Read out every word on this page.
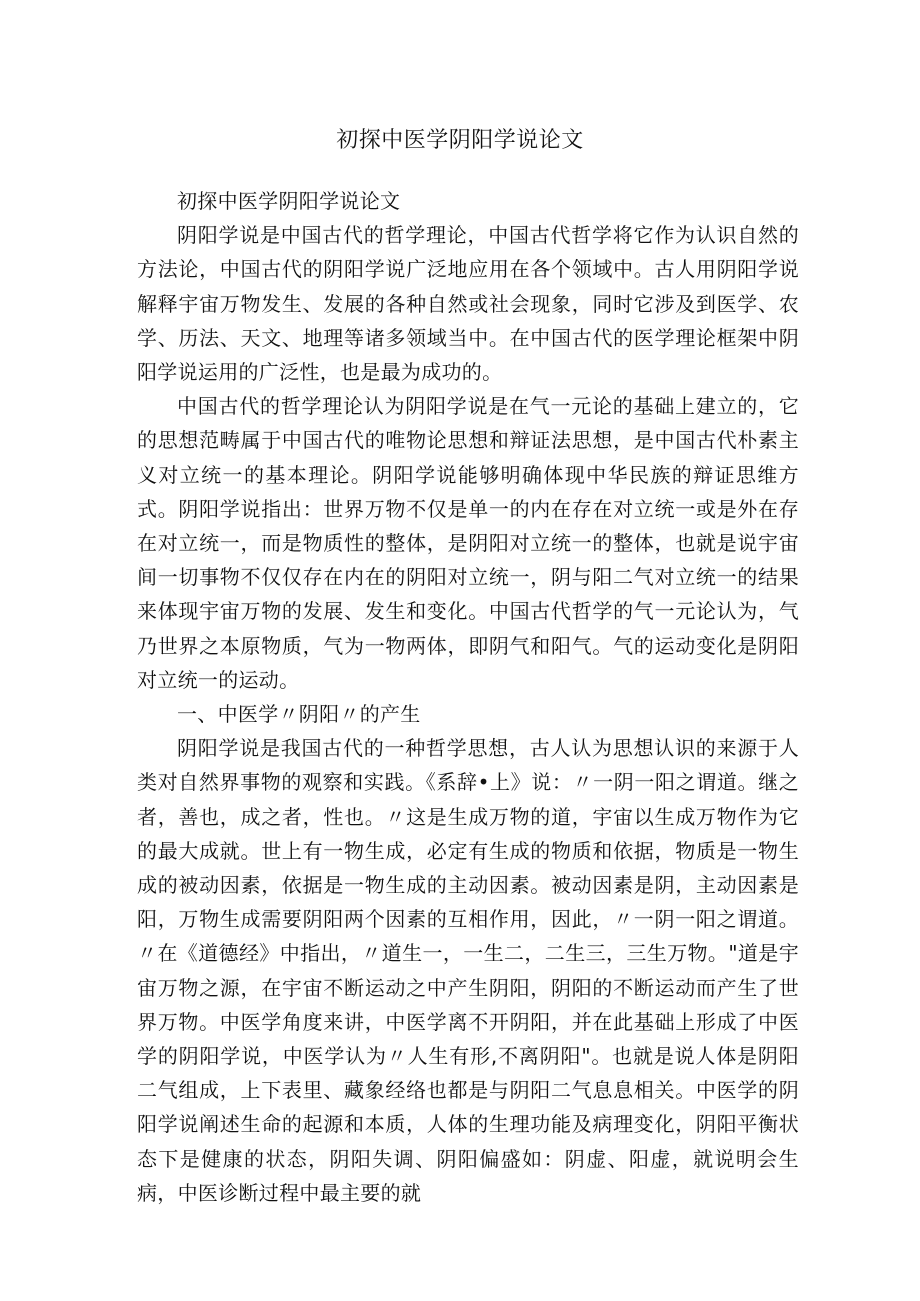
初探中医学阴阳学说论文

初探中医学阴阳学说论文

阴阳学说是中国古代的哲学理论，中国古代哲学将它作为认识自然的方法论，中国古代的阴阳学说广泛地应用在各个领域中。古人用阴阳学说解释宇宙万物发生、发展的各种自然或社会现象，同时它涉及到医学、农学、历法、天文、地理等诸多领域当中。在中国古代的医学理论框架中阴阳学说运用的广泛性，也是最为成功的。

中国古代的哲学理论认为阴阳学说是在气一元论的基础上建立的，它的思想范畴属于中国古代的唯物论思想和辩证法思想，是中国古代朴素主义对立统一的基本理论。阴阳学说能够明确体现中华民族的辩证思维方式。阴阳学说指出：世界万物不仅是单一的内在存在对立统一或是外在存在对立统一，而是物质性的整体，是阴阳对立统一的整体，也就是说宇宙间一切事物不仅仅存在内在的阴阳对立统一，阴与阳二气对立统一的结果来体现宇宙万物的发展、发生和变化。中国古代哲学的气一元论认为，气乃世界之本原物质，气为一物两体，即阴气和阳气。气的运动变化是阴阳对立统一的运动。

一、中医学〃阴阳〃的产生

阴阳学说是我国古代的一种哲学思想，古人认为思想认识的来源于人类对自然界事物的观察和实践。《系辞•上》说：〃一阴一阳之谓道。继之者，善也，成之者，性也。〃这是生成万物的道，宇宙以生成万物作为它的最大成就。世上有一物生成，必定有生成的物质和依据，物质是一物生成的被动因素，依据是一物生成的主动因素。被动因素是阴，主动因素是阳，万物生成需要阴阳两个因素的互相作用，因此，〃一阴一阳之谓道。〃在《道德经》中指出，〃道生一，一生二，二生三，三生万物。"道是宇宙万物之源，在宇宙不断运动之中产生阴阳，阴阳的不断运动而产生了世界万物。中医学角度来讲，中医学离不开阴阳，并在此基础上形成了中医学的阴阳学说，中医学认为〃人生有形,不离阴阳"。也就是说人体是阴阳二气组成，上下表里、藏象经络也都是与阴阳二气息息相关。中医学的阴阳学说阐述生命的起源和本质，人体的生理功能及病理变化，阴阳平衡状态下是健康的状态，阴阳失调、阴阳偏盛如：阴虚、阳虚，就说明会生病，中医诊断过程中最主要的就
